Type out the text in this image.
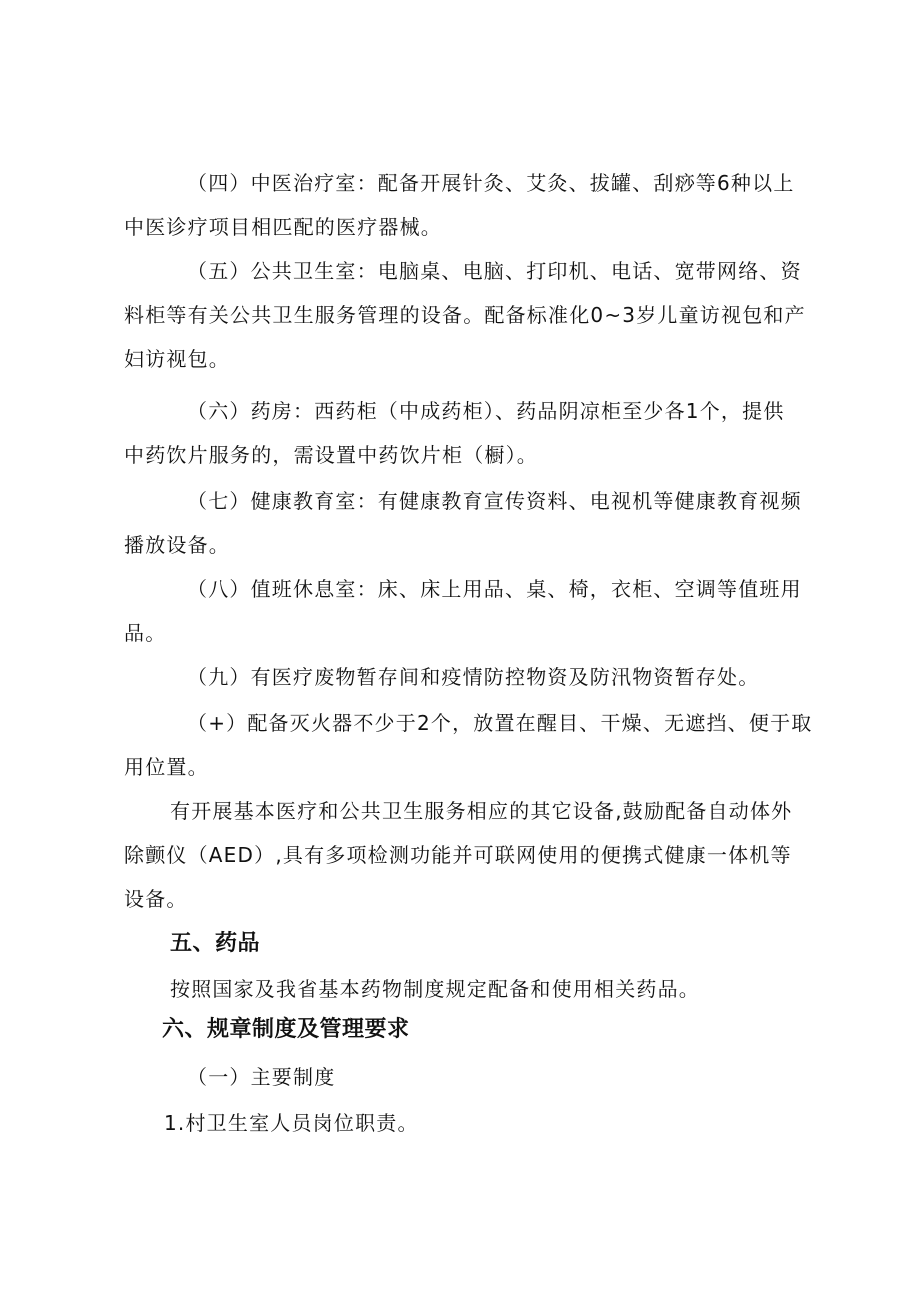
（四）中医治疗室：配备开展针灸、艾灸、拔罐、刮痧等6种以上

中医诊疗项目相匹配的医疗器械。

（五）公共卫生室：电脑桌、电脑、打印机、电话、宽带网络、资

料柜等有关公共卫生服务管理的设备。配备标准化0~3岁儿童访视包和产

妇访视包。

（六）药房：西药柜（中成药柜）、药品阴凉柜至少各1个，提供

中药饮片服务的，需设置中药饮片柜（橱）。

（七）健康教育室：有健康教育宣传资料、电视机等健康教育视频

播放设备。

（八）值班休息室：床、床上用品、桌、椅，衣柜、空调等值班用

品。

（九）有医疗废物暂存间和疫情防控物资及防汛物资暂存处。

（+）配备灭火器不少于2个，放置在醒目、干燥、无遮挡、便于取

用位置。

有开展基本医疗和公共卫生服务相应的其它设备,鼓励配备自动体外

除颤仪（AED）,具有多项检测功能并可联网使用的便携式健康一体机等

设备。

五、药品

按照国家及我省基本药物制度规定配备和使用相关药品。

六、规章制度及管理要求

（一）主要制度

1.村卫生室人员岗位职责。
